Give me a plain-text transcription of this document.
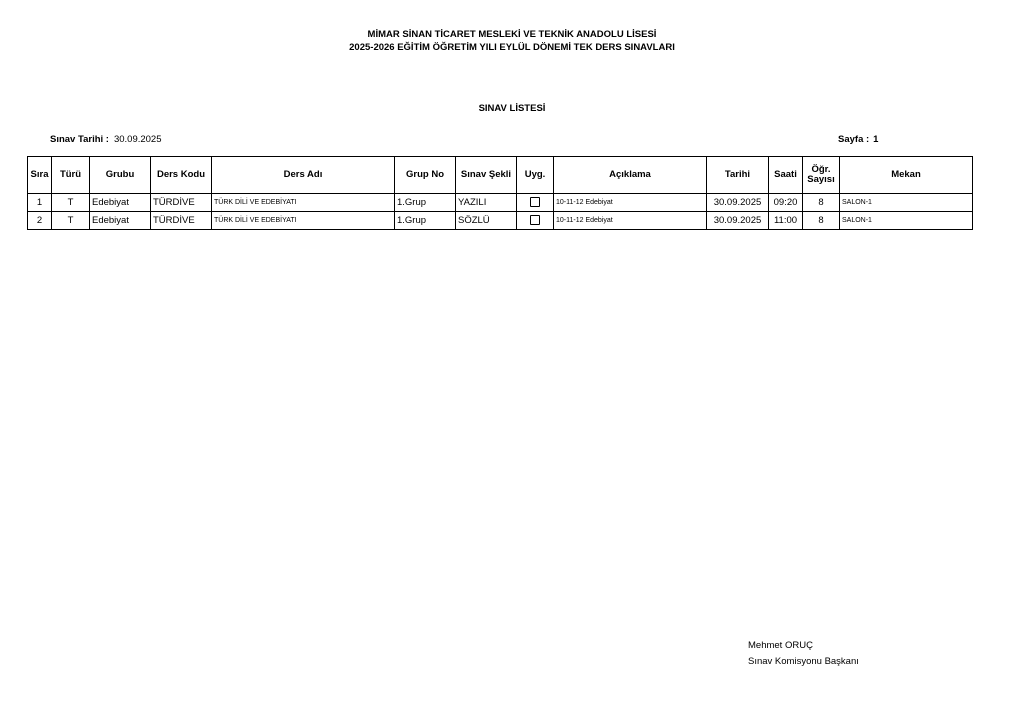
MİMAR SİNAN TİCARET MESLEKİ VE TEKNİK ANADOLU LİSESİ
2025-2026 EĞİTİM ÖĞRETİM YILI EYLÜL DÖNEMİ TEK DERS SINAVLARI
SINAV LİSTESİ
Sınav Tarihi : 30.09.2025	Sayfa : 1
Sıra	Türü	Grubu	Ders Kodu	Ders Adı	Grup No	Sınav Şekli	Uyg.	Açıklama	Tarihi	Saati	Öğr.
Sayısı	Mekan
1	T	Edebiyat	TÜRDİVE	TÜRK DİLİ VE EDEBİYATI	1.Grup	YAZILI		10-11-12 Edebiyat	30.09.2025	09:20	8	SALON-1
2	T	Edebiyat	TÜRDİVE	TÜRK DİLİ VE EDEBİYATI	1.Grup	SÖZLÜ		10-11-12 Edebiyat	30.09.2025	11:00	8	SALON-1
Mehmet ORUÇ
Sınav Komisyonu Başkanı
